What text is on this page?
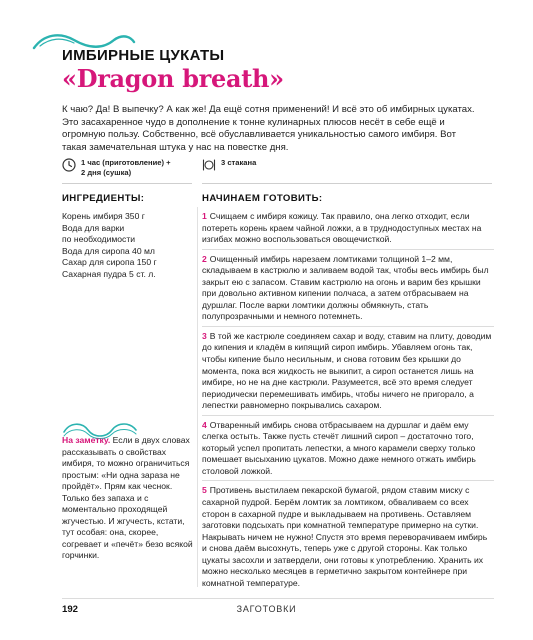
ИМБИРНЫЕ ЦУКАТЫ
«Dragon breath»

К чаю? Да! В выпечку? А как же! Да ещё сотня применений! И всё это об имбирных цукатах. Это засахаренное чудо в дополнение к тонне кулинарных плюсов несёт в себе ещё и огромную пользу. Собственно, всё обуславливается уникальностью самого имбиря. Вот такая замечательная штука у нас на повестке дня.

1 час (приготовление) + 2 дня (сушка)
3 стакана
ИНГРЕДИЕНТЫ:	НАЧИНАЕМ ГОТОВИТЬ:
Корень имбиря 350 г
Вода для варки
по необходимости
Вода для сиропа 40 мл
Сахар для сиропа 150 г
Сахарная пудра 5 ст. л.

1 Счищаем с имбиря кожицу. Так правило, она легко отходит, если потереть корень краем чайной ложки, а в труднодоступных местах на изгибах можно воспользоваться овощечисткой.

2 Очищенный имбирь нарезаем ломтиками толщиной 1–2 мм, складываем в кастрюлю и заливаем водой так, чтобы весь имбирь был закрыт ею с запасом. Ставим кастрюлю на огонь и варим без крышки при довольно активном кипении полчаса, а затем отбрасываем на дуршлаг. После варки ломтики должны обмякнуть, стать полупрозрачными и немного потемнеть.

3 В той же кастрюле соединяем сахар и воду, ставим на плиту, доводим до кипения и кладём в кипящий сироп имбирь. Убавляем огонь так, чтобы кипение было несильным, и снова готовим без крышки до момента, пока вся жидкость не выкипит, а сироп останется лишь на имбире, но не на дне кастрюли. Разумеется, всё это время следует периодически перемешивать имбирь, чтобы ничего не пригорало, а лепестки равномерно покрывались сахаром.

4 Отваренный имбирь снова отбрасываем на дуршлаг и даём ему слегка остыть. Также пусть стечёт лишний сироп – достаточно того, который успел пропитать лепестки, а много карамели сверху только помешает высыханию цукатов. Можно даже немного отжать имбирь столовой ложкой.

5 Противень выстилаем пекарской бумагой, рядом ставим миску с сахарной пудрой. Берём ломтик за ломтиком, обваливаем со всех сторон в сахарной пудре и выкладываем на противень. Оставляем заготовки подсыхать при комнатной температуре примерно на сутки. Накрывать ничем не нужно! Спустя это время переворачиваем имбирь и снова даём высохнуть, теперь уже с другой стороны. Как только цукаты засохли и затвердели, они готовы к употреблению. Хранить их можно несколько месяцев в герметично закрытом контейнере при комнатной температуре.

На заметку. Если в двух словах рассказывать о свойствах имбиря, то можно ограничиться простым: «Ни одна зараза не пройдёт». Прям как чеснок. Только без запаха и с моментально проходящей жгучестью. И жгучесть, кстати, тут особая: она, скорее, согревает и «печёт» безо всякой горчинки.

192	ЗАГОТОВКИ
